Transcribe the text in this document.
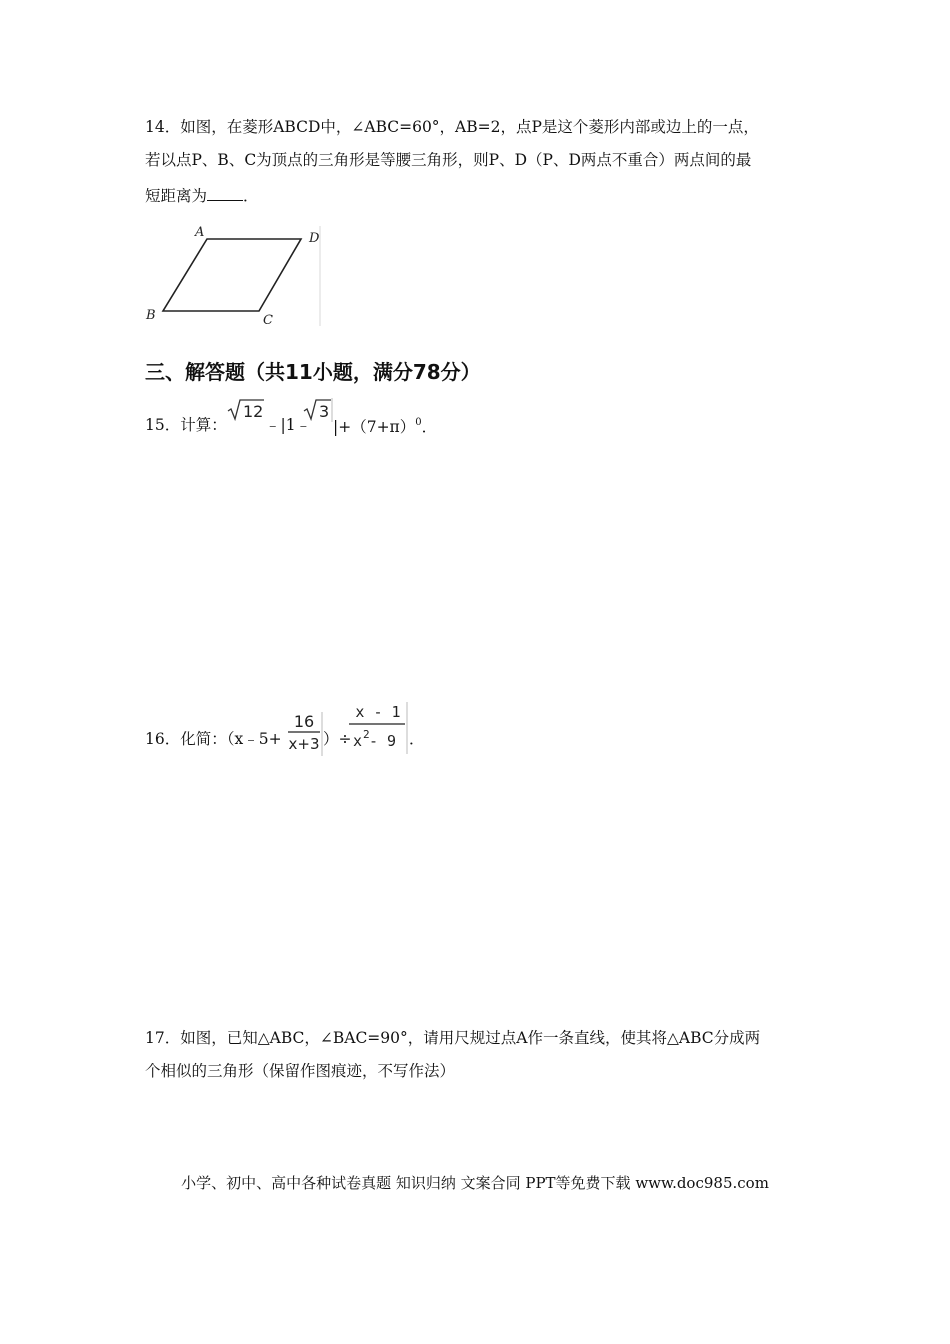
14．如图，在菱形ABCD中，∠ABC=60°，AB=2，点P是这个菱形内部或边上的一点，
若以点P、B、C为顶点的三角形是等腰三角形，则P、D（P、D两点不重合）两点间的最
短距离为 ．
A	D
B	C
三、解答题（共11小题，满分78分）
15．计算：
12
﹣|1﹣
3
$|+(7+\pi)^0$．
16．化简：（x﹣5+
16
x+3 ）÷
x - 1
x 2 - 9 ．
17．如图，已知△ABC，∠BAC=90°，请用尺规过点A作一条直线，使其将△ABC分成两
个相似的三角形（保留作图痕迹，不写作法）
小学、初中、高中各种试卷真题 知识归纳 文案合同 PPT等免费下载 www.doc985.com
